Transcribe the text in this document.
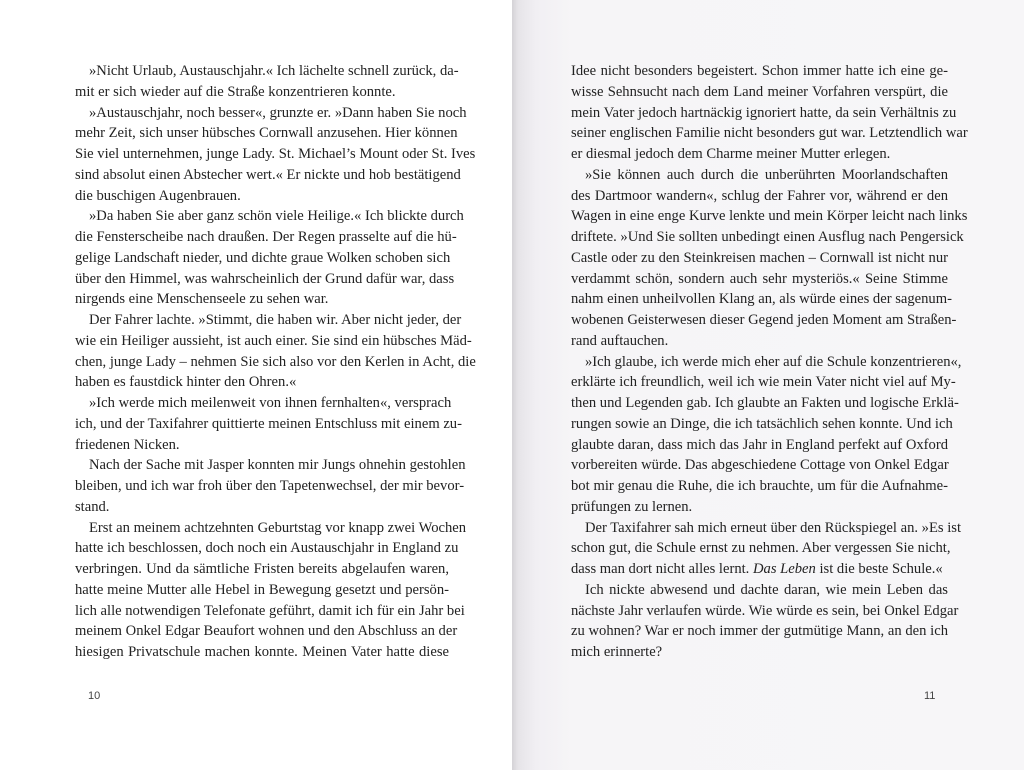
»Nicht Urlaub, Austauschjahr.« Ich lächelte schnell zurück, da-
mit er sich wieder auf die Straße konzentrieren konnte.
»Austauschjahr, noch besser«, grunzte er. »Dann haben Sie noch
mehr Zeit, sich unser hübsches Cornwall anzusehen. Hier können
Sie viel unternehmen, junge Lady. St. Michael’s Mount oder St. Ives
sind absolut einen Abstecher wert.« Er nickte und hob bestätigend
die buschigen Augenbrauen.
»Da haben Sie aber ganz schön viele Heilige.« Ich blickte durch
die Fensterscheibe nach draußen. Der Regen prasselte auf die hü-
gelige Landschaft nieder, und dichte graue Wolken schoben sich
über den Himmel, was wahrscheinlich der Grund dafür war, dass
nirgends eine Menschenseele zu sehen war.
Der Fahrer lachte. »Stimmt, die haben wir. Aber nicht jeder, der
wie ein Heiliger aussieht, ist auch einer. Sie sind ein hübsches Mäd-
chen, junge Lady – nehmen Sie sich also vor den Kerlen in Acht, die
haben es faustdick hinter den Ohren.«
»Ich werde mich meilenweit von ihnen fernhalten«, versprach
ich, und der Taxifahrer quittierte meinen Entschluss mit einem zu-
friedenen Nicken.
Nach der Sache mit Jasper konnten mir Jungs ohnehin gestohlen
bleiben, und ich war froh über den Tapetenwechsel, der mir bevor-
stand.
Erst an meinem achtzehnten Geburtstag vor knapp zwei Wochen
hatte ich beschlossen, doch noch ein Austauschjahr in England zu
verbringen. Und da sämtliche Fristen bereits abgelaufen waren,
hatte meine Mutter alle Hebel in Bewegung gesetzt und persön-
lich alle notwendigen Telefonate geführt, damit ich für ein Jahr bei
meinem Onkel Edgar Beaufort wohnen und den Abschluss an der
hiesigen Privatschule machen konnte. Meinen Vater hatte diese
10
Idee nicht besonders begeistert. Schon immer hatte ich eine ge-
wisse Sehnsucht nach dem Land meiner Vorfahren verspürt, die
mein Vater jedoch hartnäckig ignoriert hatte, da sein Verhältnis zu
seiner englischen Familie nicht besonders gut war. Letztendlich war
er diesmal jedoch dem Charme meiner Mutter erlegen.
»Sie können auch durch die unberührten Moorlandschaften
des Dartmoor wandern«, schlug der Fahrer vor, während er den
Wagen in eine enge Kurve lenkte und mein Körper leicht nach links
driftete. »Und Sie sollten unbedingt einen Ausflug nach Pengersick
Castle oder zu den Steinkreisen machen – Cornwall ist nicht nur
verdammt schön, sondern auch sehr mysteriös.« Seine Stimme
nahm einen unheilvollen Klang an, als würde eines der sagenum-
wobenen Geisterwesen dieser Gegend jeden Moment am Straßen-
rand auftauchen.
»Ich glaube, ich werde mich eher auf die Schule konzentrieren«,
erklärte ich freundlich, weil ich wie mein Vater nicht viel auf My-
then und Legenden gab. Ich glaubte an Fakten und logische Erklä-
rungen sowie an Dinge, die ich tatsächlich sehen konnte. Und ich
glaubte daran, dass mich das Jahr in England perfekt auf Oxford
vorbereiten würde. Das abgeschiedene Cottage von Onkel Edgar
bot mir genau die Ruhe, die ich brauchte, um für die Aufnahme-
prüfungen zu lernen.
Der Taxifahrer sah mich erneut über den Rückspiegel an. »Es ist
schon gut, die Schule ernst zu nehmen. Aber vergessen Sie nicht,
dass man dort nicht alles lernt. Das Leben ist die beste Schule.«
Ich nickte abwesend und dachte daran, wie mein Leben das
nächste Jahr verlaufen würde. Wie würde es sein, bei Onkel Edgar
zu wohnen? War er noch immer der gutmütige Mann, an den ich
mich erinnerte?
11
